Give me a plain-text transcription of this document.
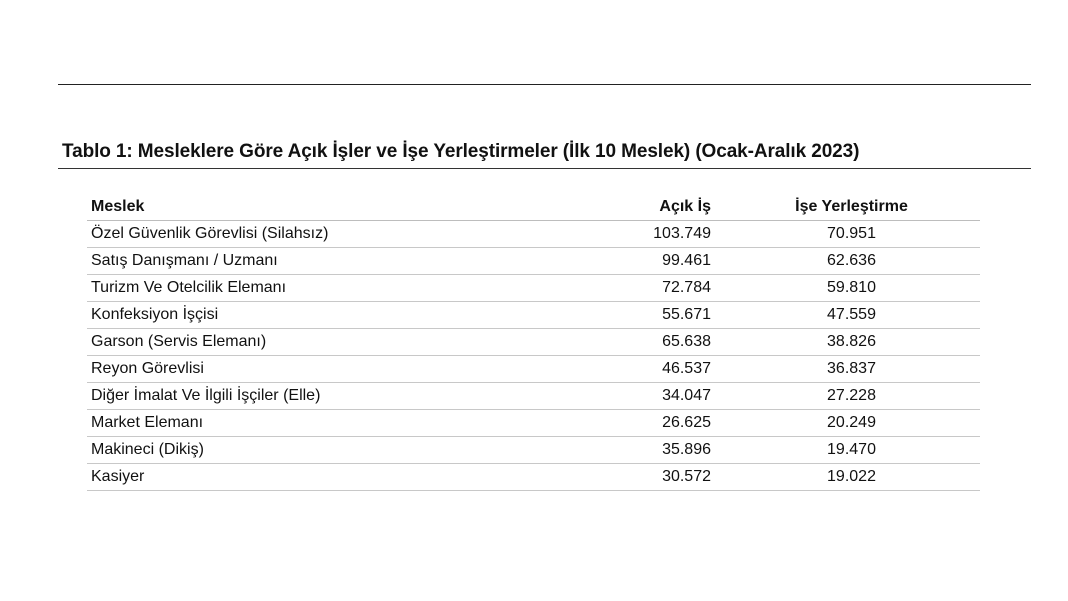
Tablo 1: Mesleklere Göre Açık İşler ve İşe Yerleştirmeler (İlk 10 Meslek) (Ocak-Aralık 2023)
Meslek	Açık İş	İşe Yerleştirme
Özel Güvenlik Görevlisi (Silahsız)	103.749	70.951
Satış Danışmanı / Uzmanı	99.461	62.636
Turizm Ve Otelcilik Elemanı	72.784	59.810
Konfeksiyon İşçisi	55.671	47.559
Garson (Servis Elemanı)	65.638	38.826
Reyon Görevlisi	46.537	36.837
Diğer İmalat Ve İlgili İşçiler (Elle)	34.047	27.228
Market Elemanı	26.625	20.249
Makineci (Dikiş)	35.896	19.470
Kasiyer	30.572	19.022
